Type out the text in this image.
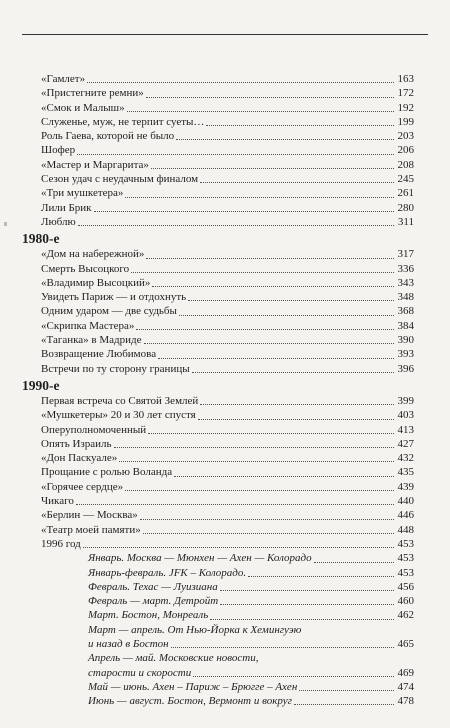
«Гамлет»	163
«Пристегните ремни»	172
«Смок и Малыш»	192
Служенье, муж, не терпит суеты…	199
Роль Гаева, которой не было	203
Шофер	206
«Мастер и Маргарита»	208
Сезон удач с неудачным финалом	245
«Три мушкетера»	261
Лили Брик	280
Люблю	311
1980-е
«Дом на набережной»	317
Смерть Высоцкого	336
«Владимир Высоцкий»	343
Увидеть Париж — и отдохнуть	348
Одним ударом — две судьбы	368
«Скрипка Мастера»	384
«Таганка» в Мадриде	390
Возвращение Любимова	393
Встречи по ту сторону границы	396
1990-е
Первая встреча со Святой Землей	399
«Мушкетеры» 20 и 30 лет спустя	403
Оперуполномоченный	413
Опять Израиль	427
«Дон Паскуале»	432
Прощание с ролью Воланда	435
«Горячее сердце»	439
Чикаго	440
«Берлин — Москва»	446
«Театр моей памяти»	448
1996 год	453
Январь. Москва — Мюнхен — Ахен — Колорадо	453
Январь-февраль. JFK – Колорадо.	453
Февраль. Техас — Луизиана	456
Февраль — март. Детройт	460
Март. Бостон, Монреаль	462
Март — апрель. От Нью-Йорка к Хемингуэю
и назад в Бостон	465
Апрель — май. Московские новости,
старости и скорости	469
Май — июнь. Ахен – Париж – Брюгге – Ахен	474
Июнь — август. Бостон, Вермонт и вокруг	478
